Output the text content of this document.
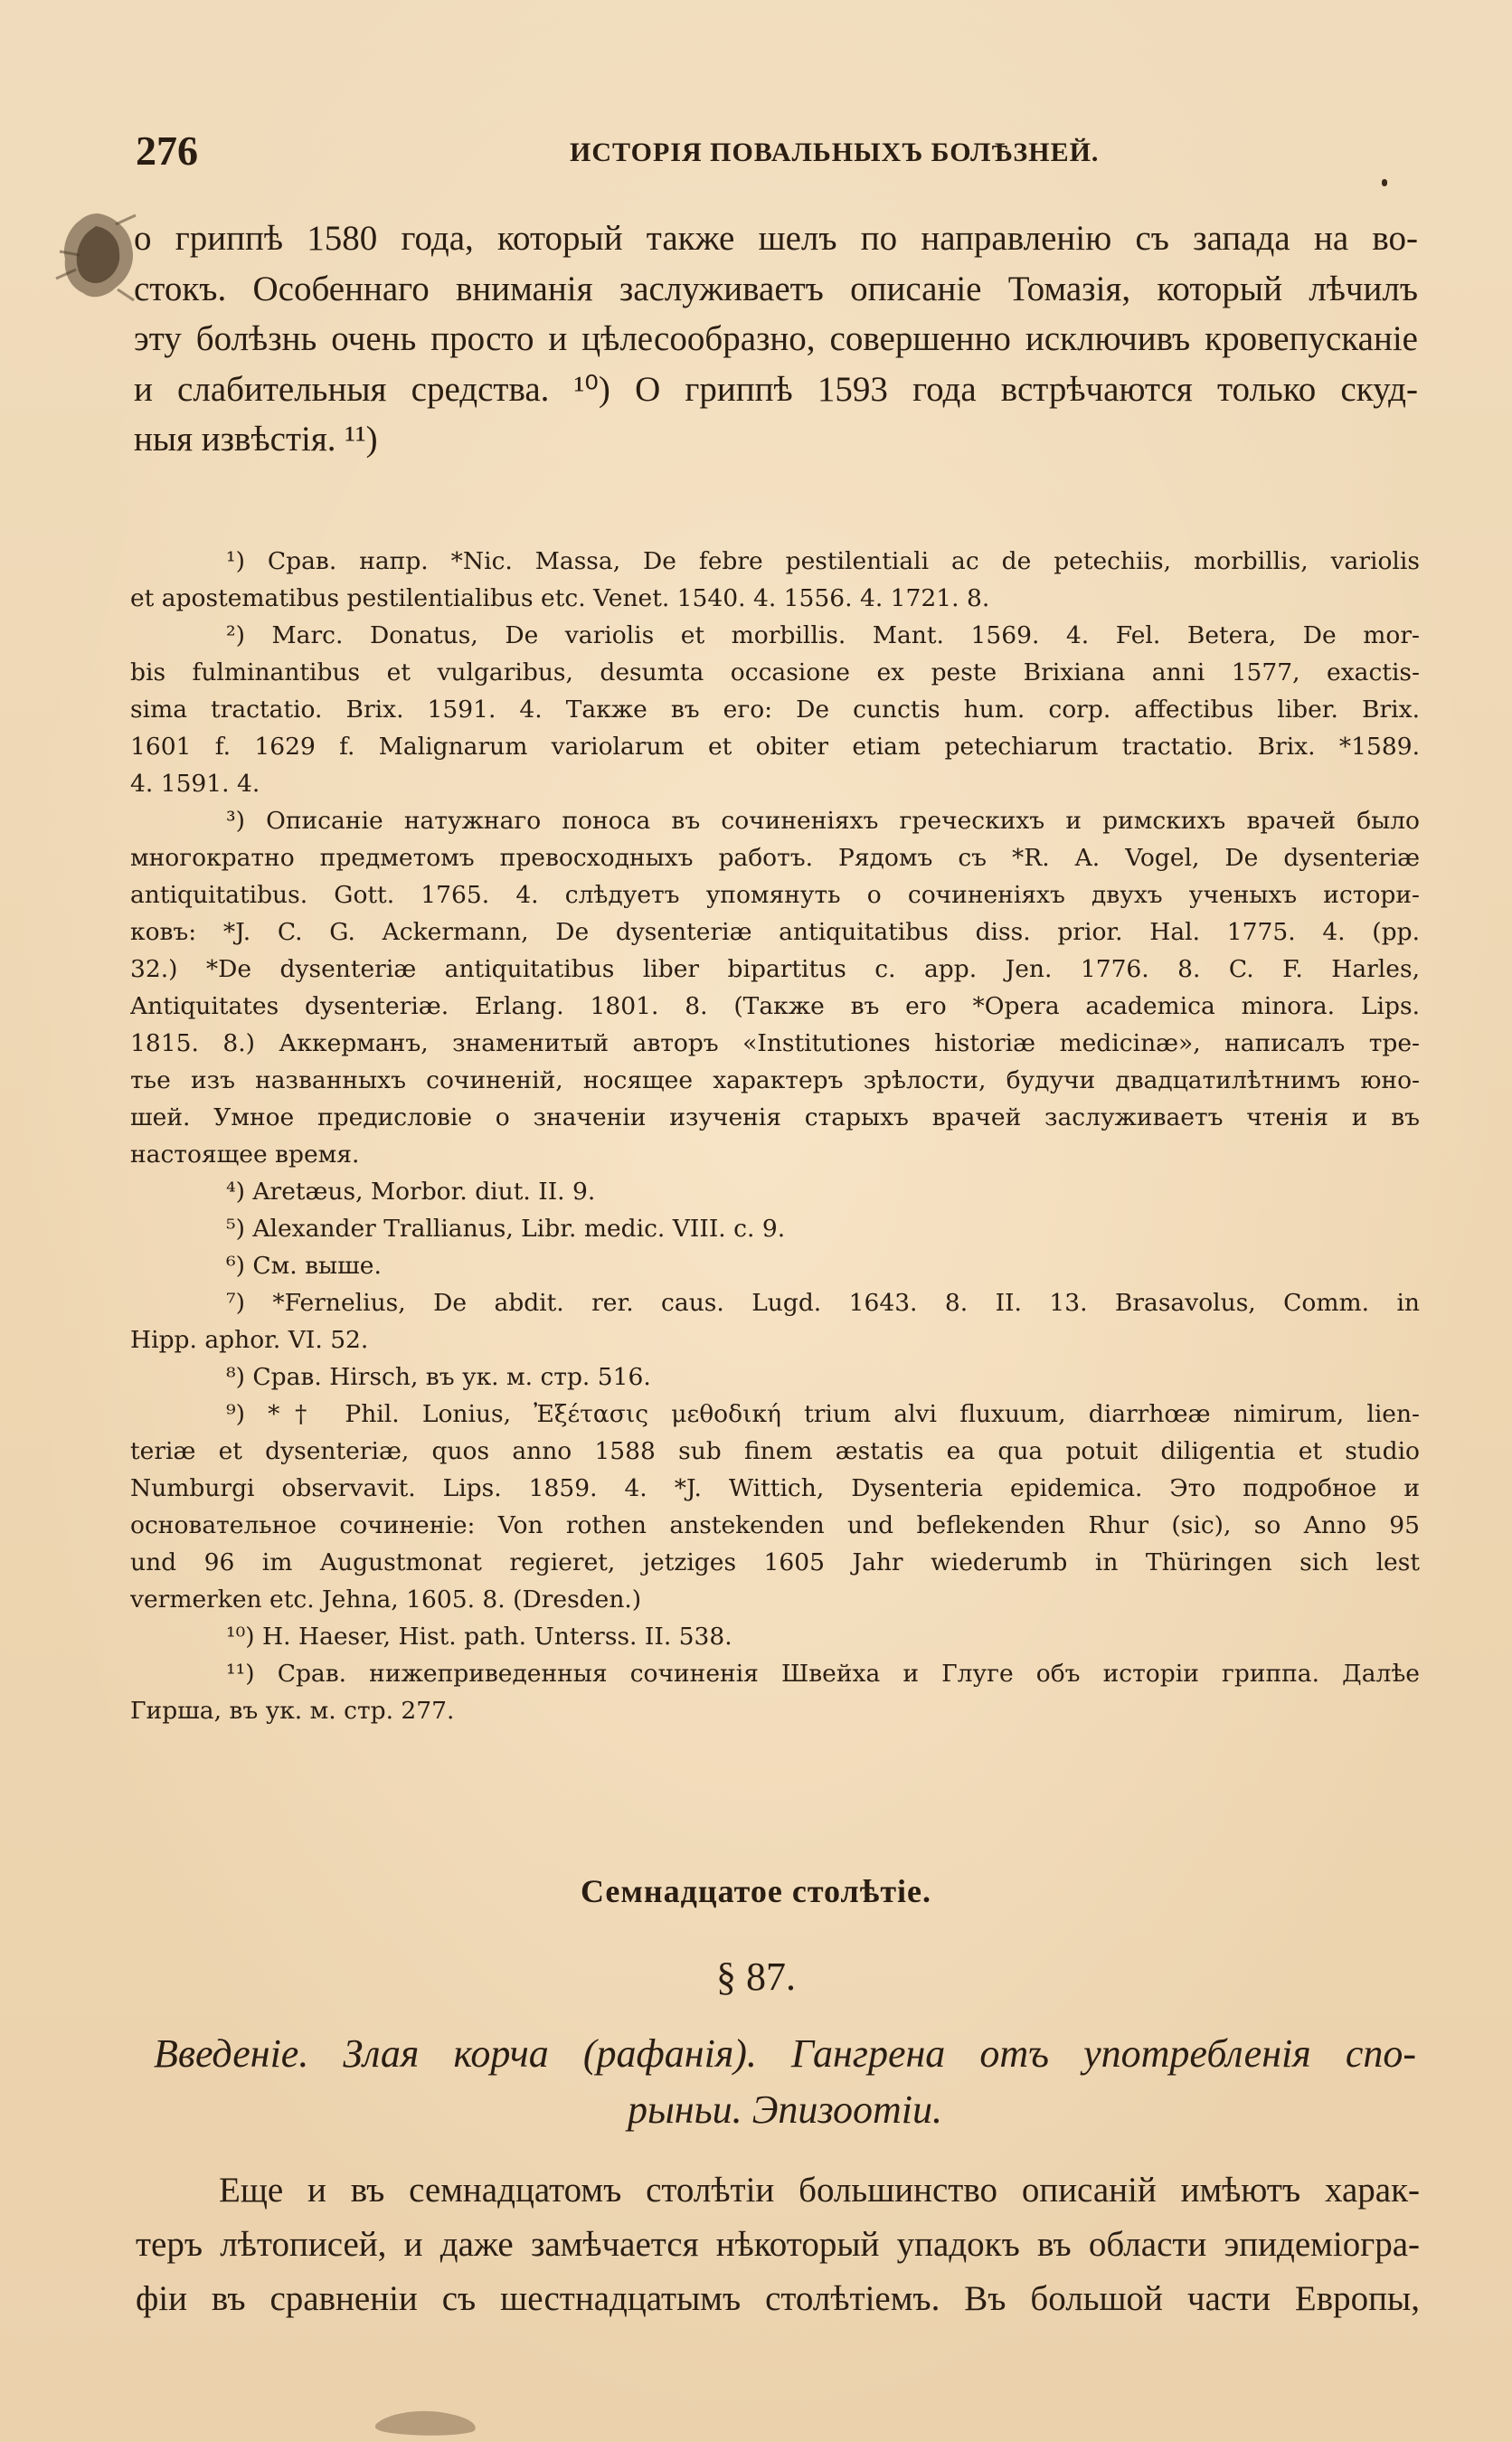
276	ИСТОРІЯ ПОВАЛЬНЫХЪ БОЛѢЗНЕЙ.
о гриппѣ 1580 года, который также шелъ по направленію съ запада на во-
стокъ. Особеннаго вниманія заслуживаетъ описаніе Томазія, который лѣчилъ
эту болѣзнь очень просто и цѣлесообразно, совершенно исключивъ кровепусканіе
и слабительныя средства. ¹⁰) О гриппѣ 1593 года встрѣчаются только скуд-
ныя извѣстія. ¹¹)
¹) Срав. напр. *Nic. Massa, De febre pestilentiali ac de petechiis, morbillis, variolis
et apostematibus pestilentialibus etc. Venet. 1540. 4. 1556. 4. 1721. 8.
²) Marc. Donatus, De variolis et morbillis. Mant. 1569. 4. Fel. Betera, De mor-
bis fulminantibus et vulgaribus, desumta occasione ex peste Brixiana anni 1577, exactis-
sima tractatio. Brix. 1591. 4. Также въ его: De cunctis hum. corp. affectibus liber. Brix.
1601 f. 1629 f. Malignarum variolarum et obiter etiam petechiarum tractatio. Brix. *1589.
4. 1591. 4.
³) Описаніе натужнаго поноса въ сочиненіяхъ греческихъ и римскихъ врачей было
многократно предметомъ превосходныхъ работъ. Рядомъ съ *R. A. Vogel, De dysenteriæ
antiquitatibus. Gott. 1765. 4. слѣдуетъ упомянуть о сочиненіяхъ двухъ ученыхъ истори-
ковъ: *J. C. G. Ackermann, De dysenteriæ antiquitatibus diss. prior. Hal. 1775. 4. (pp.
32.) *De dysenteriæ antiquitatibus liber bipartitus c. app. Jen. 1776. 8. C. F. Harles,
Antiquitates dysenteriæ. Erlang. 1801. 8. (Также въ его *Opera academica minora. Lips.
1815. 8.) Аккерманъ, знаменитый авторъ «Institutiones historiæ medicinæ», написалъ тре-
тье изъ названныхъ сочиненій, носящее характеръ зрѣлости, будучи двадцатилѣтнимъ юно-
шей. Умное предисловіе о значеніи изученія старыхъ врачей заслуживаетъ чтенія и въ
настоящее время.
⁴) Aretæus, Morbor. diut. II. 9.
⁵) Alexander Trallianus, Libr. medic. VIII. c. 9.
⁶) См. выше.
⁷) *Fernelius, De abdit. rer. caus. Lugd. 1643. 8. II. 13. Brasavolus, Comm. in
Hipp. aphor. VI. 52.
⁸) Срав. Hirsch, въ ук. м. стр. 516.
⁹) *† Phil. Lonius, Ἐξέτασις μεθοδική trium alvi fluxuum, diarrhœæ nimirum, lien-
teriæ et dysenteriæ, quos anno 1588 sub finem æstatis ea qua potuit diligentia et studio
Numburgi observavit. Lips. 1859. 4. *J. Wittich, Dysenteria epidemica. Это подробное и
основательное сочиненіе: Von rothen anstekenden und beflekenden Rhur (sic), so Anno 95
und 96 im Augustmonat regieret, jetziges 1605 Jahr wiederumb in Thüringen sich lest
vermerken etc. Jehna, 1605. 8. (Dresden.)
¹⁰) H. Haeser, Hist. path. Unterss. II. 538.
¹¹) Срав. нижеприведенныя сочиненія Швейха и Глуге объ исторіи гриппа. Далѣе
Гирша, въ ук. м. стр. 277.
Семнадцатое столѣтіе.
§ 87.
Введеніе. Злая корча (рафанія). Гангрена отъ употребленія спо-
рыньи. Эпизоотіи.
Еще и въ семнадцатомъ столѣтіи большинство описаній имѣютъ харак-
теръ лѣтописей, и даже замѣчается нѣкоторый упадокъ въ области эпидеміогра-
фіи въ сравненіи съ шестнадцатымъ столѣтіемъ. Въ большой части Европы,
